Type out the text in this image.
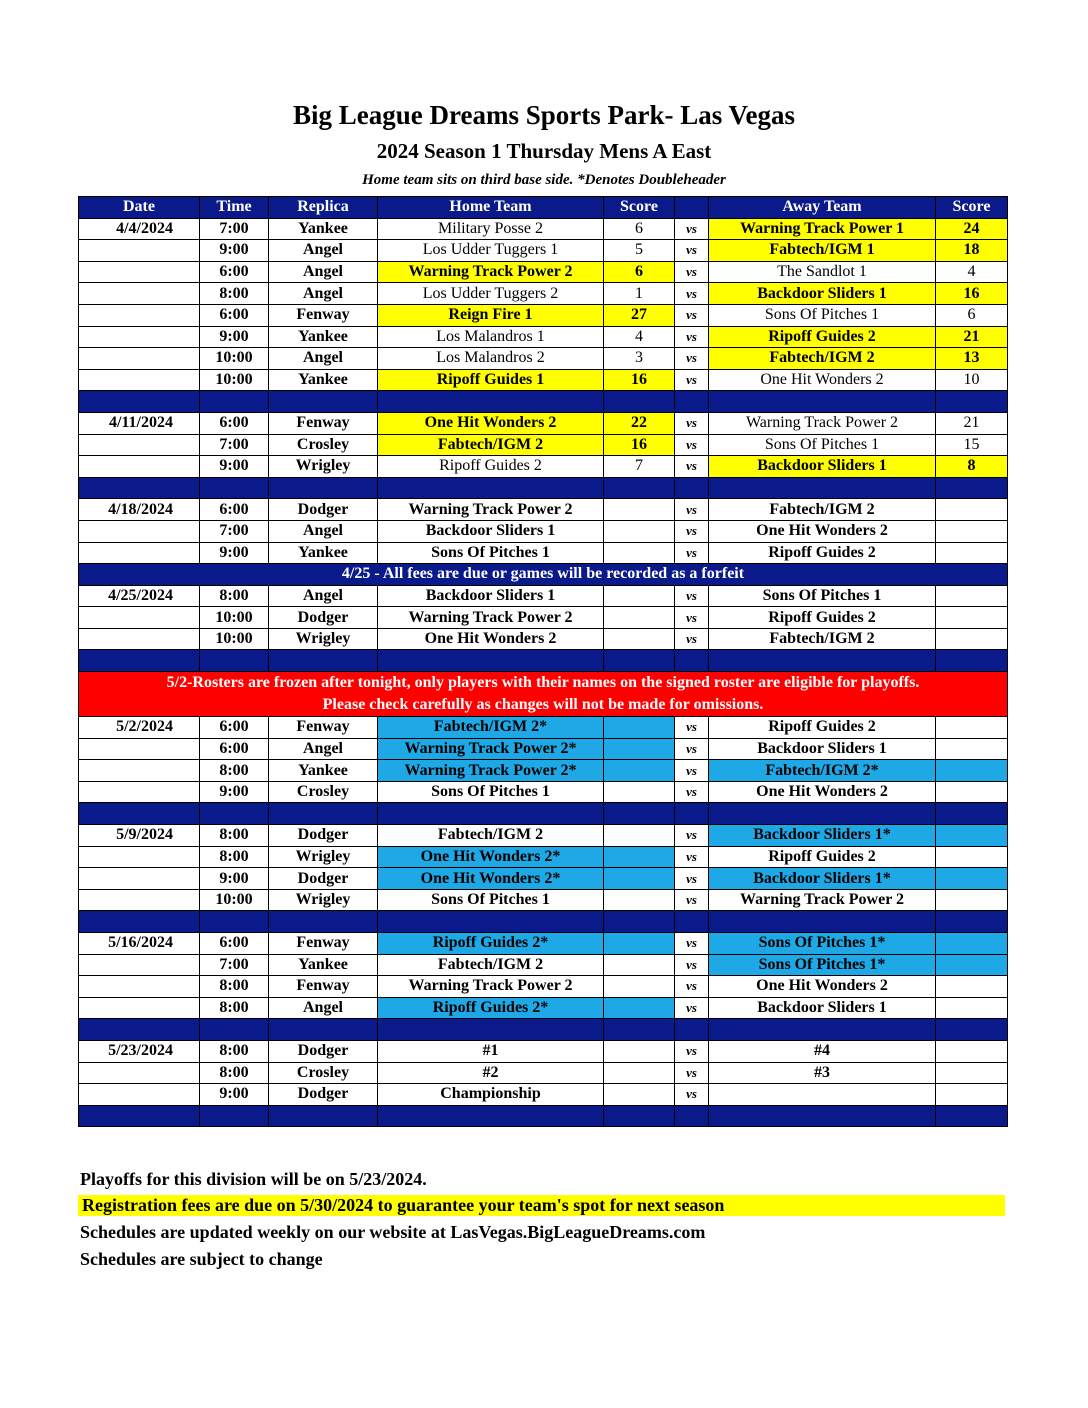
Big League Dreams Sports Park- Las Vegas
2024 Season 1 Thursday Mens A East
Home team sits on third base side. *Denotes Doubleheader
Date	Time	Replica	Home Team	Score		Away Team	Score
4/4/2024	7:00	Yankee	Military Posse 2	6	vs	Warning Track Power 1	24
	9:00	Angel	Los Udder Tuggers 1	5	vs	Fabtech/IGM 1	18
	6:00	Angel	Warning Track Power 2	6	vs	The Sandlot 1	4
	8:00	Angel	Los Udder Tuggers 2	1	vs	Backdoor Sliders 1	16
	6:00	Fenway	Reign Fire 1	27	vs	Sons Of Pitches 1	6
	9:00	Yankee	Los Malandros 1	4	vs	Ripoff Guides 2	21
	10:00	Angel	Los Malandros 2	3	vs	Fabtech/IGM 2	13
	10:00	Yankee	Ripoff Guides 1	16	vs	One Hit Wonders 2	10

4/11/2024	6:00	Fenway	One Hit Wonders 2	22	vs	Warning Track Power 2	21
	7:00	Crosley	Fabtech/IGM 2	16	vs	Sons Of Pitches 1	15
	9:00	Wrigley	Ripoff Guides 2	7	vs	Backdoor Sliders 1	8

4/18/2024	6:00	Dodger	Warning Track Power 2		vs	Fabtech/IGM 2	
	7:00	Angel	Backdoor Sliders 1		vs	One Hit Wonders 2	
	9:00	Yankee	Sons Of Pitches 1		vs	Ripoff Guides 2	
4/25 - All fees are due or games will be recorded as a forfeit							
4/25/2024	8:00	Angel	Backdoor Sliders 1		vs	Sons Of Pitches 1	
	10:00	Dodger	Warning Track Power 2		vs	Ripoff Guides 2	
	10:00	Wrigley	One Hit Wonders 2		vs	Fabtech/IGM 2	

5/2-Rosters are frozen after tonight, only players with their names on the signed roster are eligible for playoffs.
Please check carefully as changes will not be made for omissions.							

5/2/2024	6:00	Fenway	Fabtech/IGM 2*		vs	Ripoff Guides 2	
	6:00	Angel	Warning Track Power 2*		vs	Backdoor Sliders 1	
	8:00	Yankee	Warning Track Power 2*		vs	Fabtech/IGM 2*	
	9:00	Crosley	Sons Of Pitches 1		vs	One Hit Wonders 2	

5/9/2024	8:00	Dodger	Fabtech/IGM 2		vs	Backdoor Sliders 1*	
	8:00	Wrigley	One Hit Wonders 2*		vs	Ripoff Guides 2	
	9:00	Dodger	One Hit Wonders 2*		vs	Backdoor Sliders 1*	
	10:00	Wrigley	Sons Of Pitches 1		vs	Warning Track Power 2	

5/16/2024	6:00	Fenway	Ripoff Guides 2*		vs	Sons Of Pitches 1*	
	7:00	Yankee	Fabtech/IGM 2		vs	Sons Of Pitches 1*	
	8:00	Fenway	Warning Track Power 2		vs	One Hit Wonders 2	
	8:00	Angel	Ripoff Guides 2*		vs	Backdoor Sliders 1	

5/23/2024	8:00	Dodger	#1		vs	#4	
	8:00	Crosley	#2		vs	#3	
	9:00	Dodger	Championship		vs		

Playoffs for this division will be on 5/23/2024.
Registration fees are due on 5/30/2024 to guarantee your team's spot for next season
Schedules are updated weekly on our website at LasVegas.BigLeagueDreams.com
Schedules are subject to change
